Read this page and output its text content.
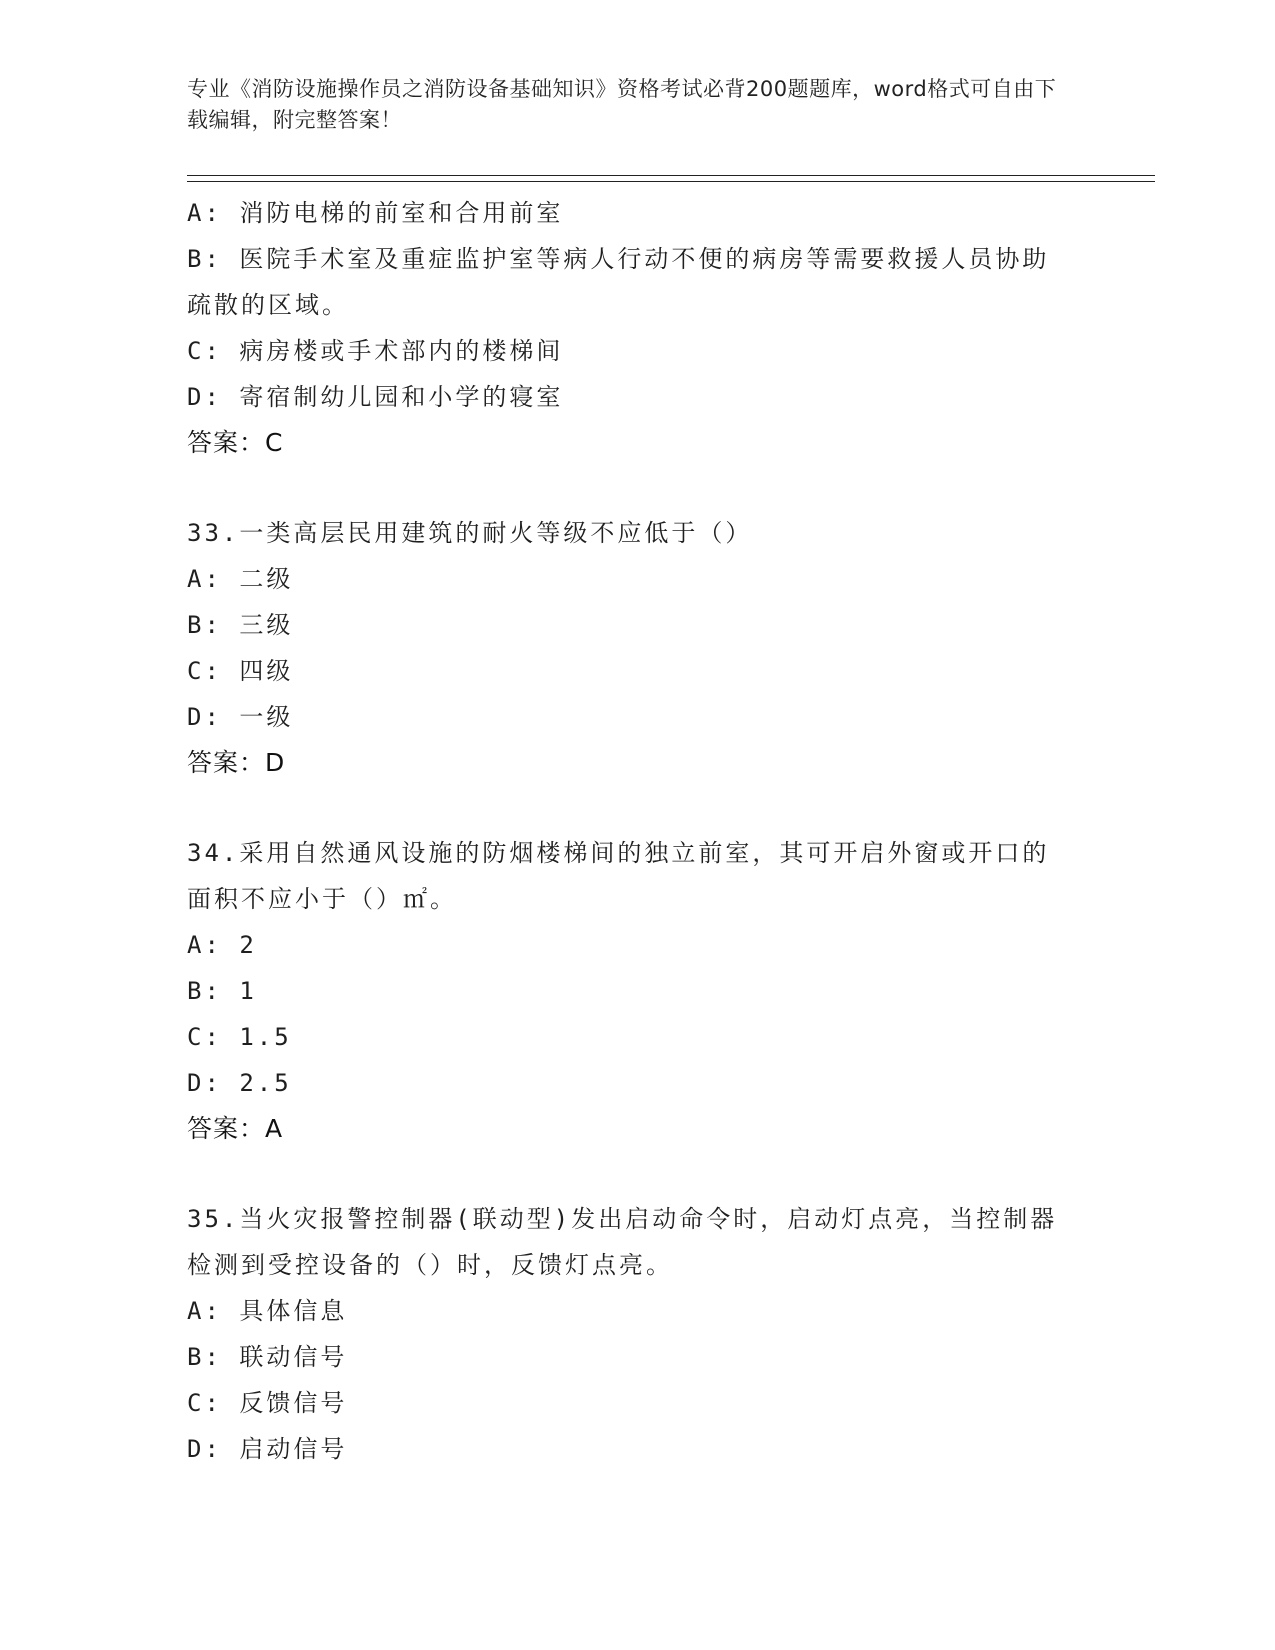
专业《消防设施操作员之消防设备基础知识》资格考试必背200题题库，word格式可自由下载编辑，附完整答案！
A: 消防电梯的前室和合用前室
B: 医院手术室及重症监护室等病人行动不便的病房等需要救援人员协助疏散的区域。
C: 病房楼或手术部内的楼梯间
D: 寄宿制幼儿园和小学的寝室
答案：C
33.一类高层民用建筑的耐火等级不应低于（）
A: 二级
B: 三级
C: 四级
D: 一级
答案：D
34.采用自然通风设施的防烟楼梯间的独立前室，其可开启外窗或开口的面积不应小于（）㎡。
A: 2
B: 1
C: 1.5
D: 2.5
答案：A
35.当火灾报警控制器(联动型)发出启动命令时，启动灯点亮，当控制器检测到受控设备的（）时，反馈灯点亮。
A: 具体信息
B: 联动信号
C: 反馈信号
D: 启动信号
